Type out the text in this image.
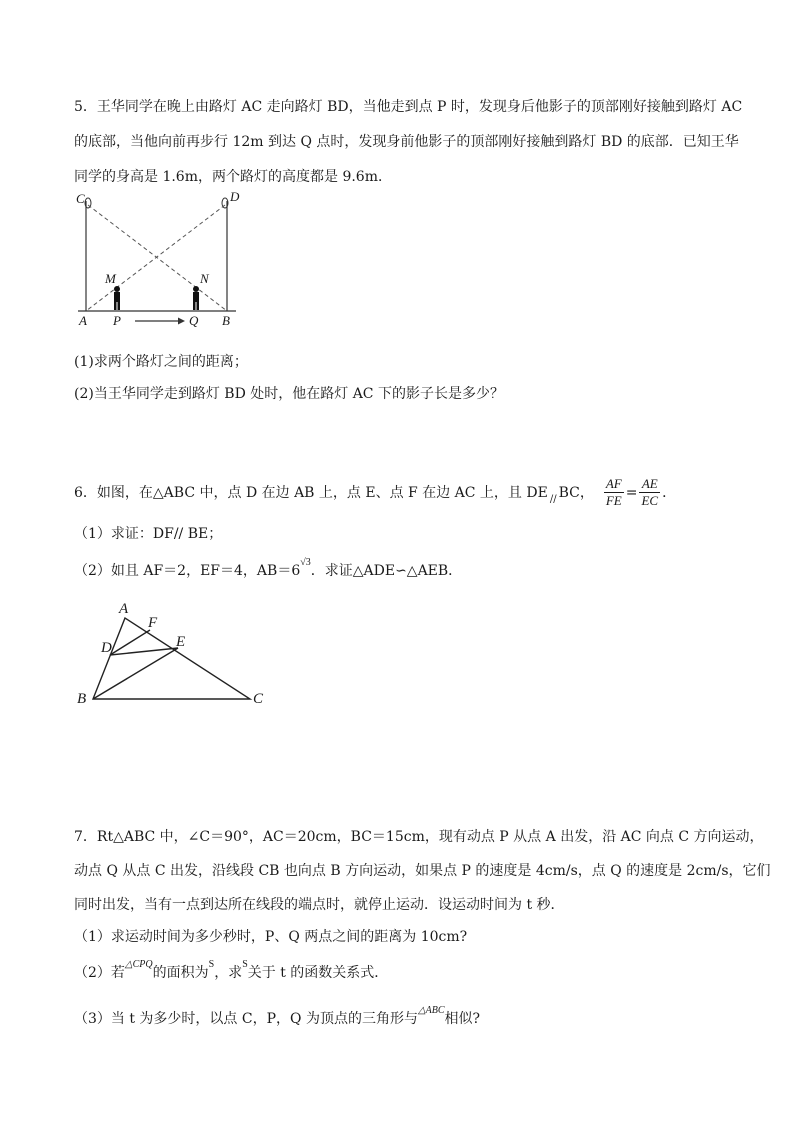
5．王华同学在晚上由路灯 AC 走向路灯 BD，当他走到点 P 时，发现身后他影子的顶部刚好接触到路灯 AC
的底部，当他向前再步行 12m 到达 Q 点时，发现身前他影子的顶部刚好接触到路灯 BD 的底部．已知王华
同学的身高是 1.6m，两个路灯的高度都是 9.6m．
C	D
M	N
A P	Q B
(1)求两个路灯之间的距离；
(2)当王华同学走到路灯 BD 处时，他在路灯 AC 下的影子长是多少？
6．如图，在△ABC 中，点 D 在边 AB 上，点 E、点 F 在边 AC 上，且 DE // BC， $\frac{AF}{FE} = \frac{AE}{EC}$ ．
（1）求证：DF// BE；
（2）如且 AF＝2，EF＝4，$AB=6^{√3}$．求证△ADE∽△AEB．
A
F
D	E
B	C
7．Rt△ABC 中，∠C＝90°，AC＝20cm，BC＝15cm，现有动点 P 从点 A 出发，沿 AC 向点 C 方向运动，
动点 Q 从点 C 出发，沿线段 CB 也向点 B 方向运动，如果点 P 的速度是 4cm/s，点 Q 的速度是 2cm/s，它们
同时出发，当有一点到达所在线段的端点时，就停止运动．设运动时间为 t 秒．
（1）求运动时间为多少秒时，P、Q 两点之间的距离为 10cm?
（2）若$^{\triangle CPQ}$的面积为$^S$，求$^S$关于 t 的函数关系式．
（3）当 t 为多少时，以点 C，P，Q 为顶点的三角形与$^{\triangle ABC}$相似?
